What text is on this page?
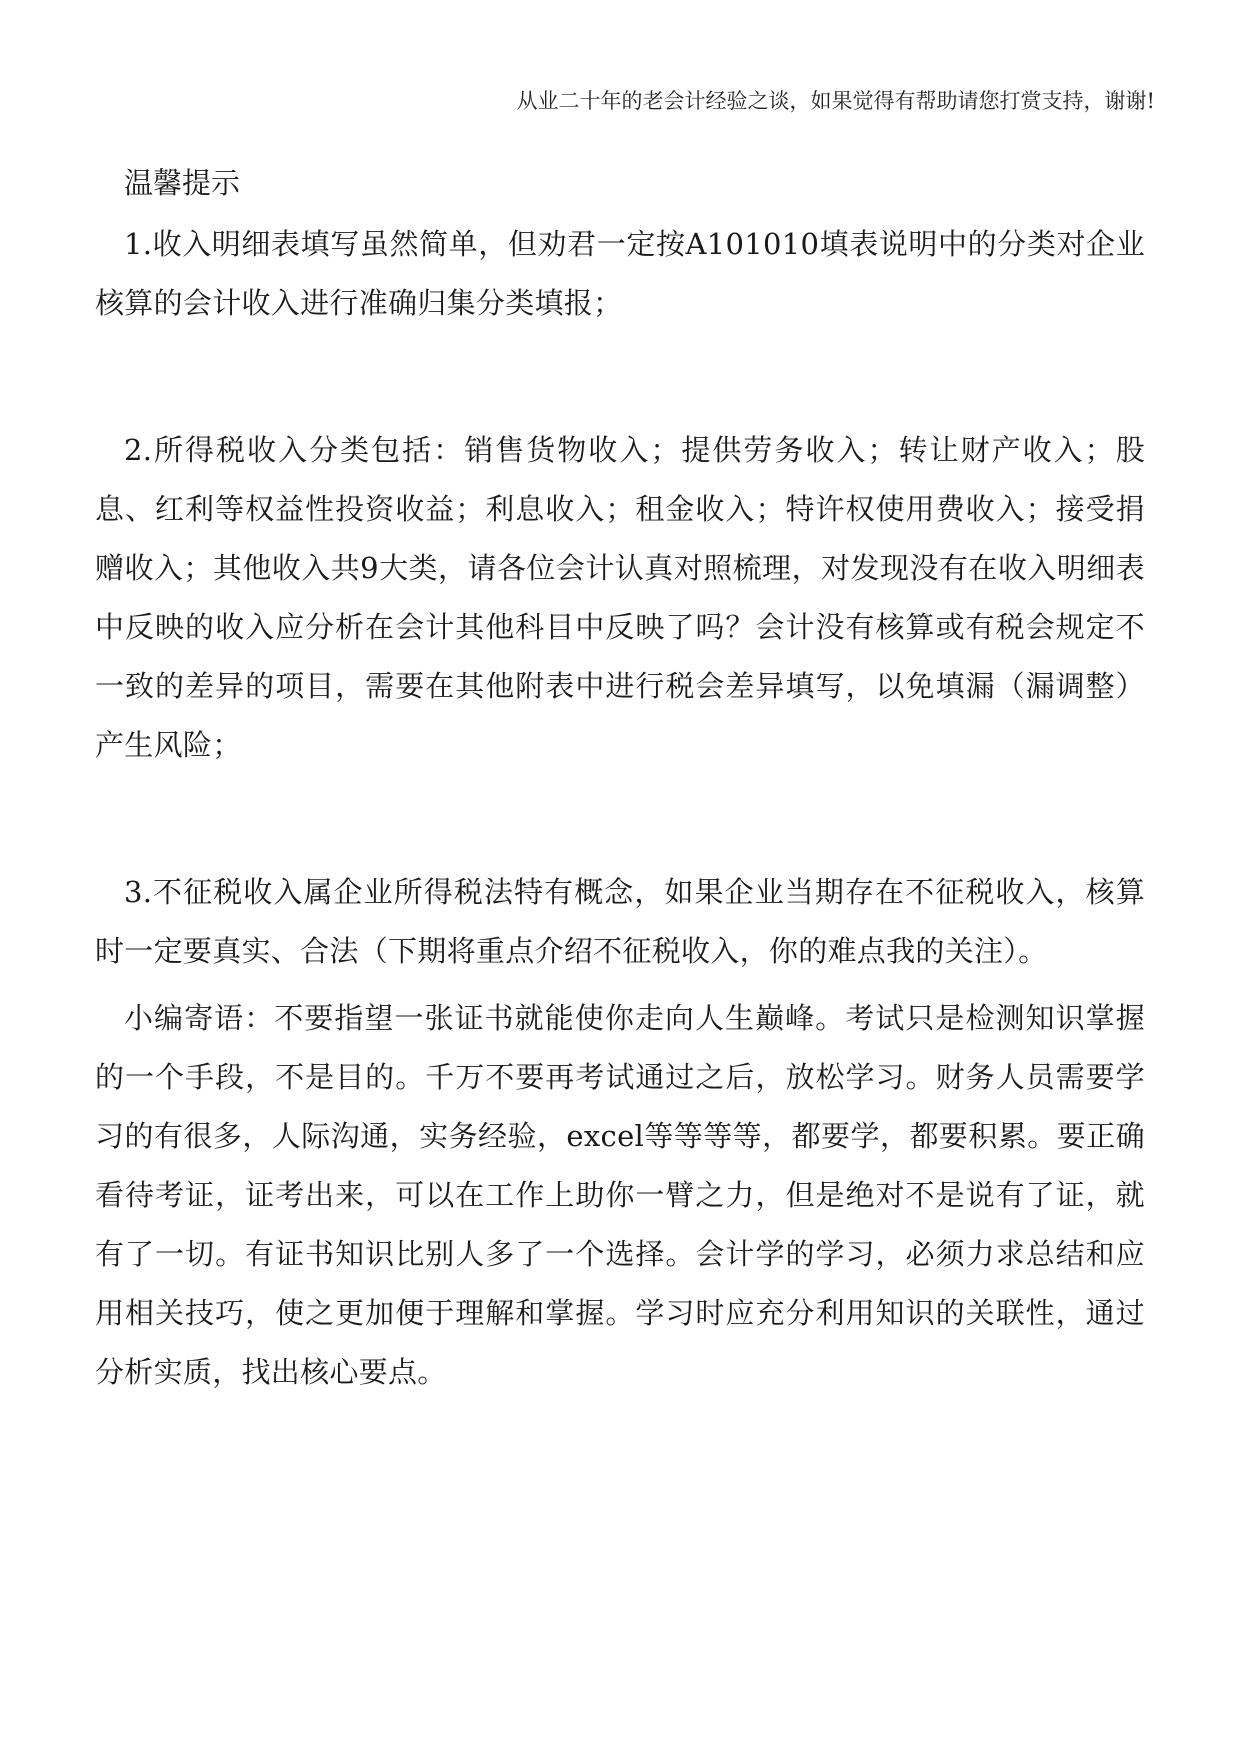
从业二十年的老会计经验之谈，如果觉得有帮助请您打赏支持，谢谢!
温馨提示

1.收入明细表填写虽然简单，但劝君一定按A101010填表说明中的分类对企业核算的会计收入进行准确归集分类填报；

2.所得税收入分类包括：销售货物收入；提供劳务收入；转让财产收入；股息、红利等权益性投资收益；利息收入；租金收入；特许权使用费收入；接受捐赠收入；其他收入共9大类，请各位会计认真对照梳理，对发现没有在收入明细表中反映的收入应分析在会计其他科目中反映了吗？会计没有核算或有税会规定不一致的差异的项目，需要在其他附表中进行税会差异填写，以免填漏（漏调整）产生风险；

3.不征税收入属企业所得税法特有概念，如果企业当期存在不征税收入，核算时一定要真实、合法（下期将重点介绍不征税收入，你的难点我的关注）。

小编寄语：不要指望一张证书就能使你走向人生巅峰。考试只是检测知识掌握的一个手段，不是目的。千万不要再考试通过之后，放松学习。财务人员需要学习的有很多，人际沟通，实务经验，excel等等等等，都要学，都要积累。要正确看待考证，证考出来，可以在工作上助你一臂之力，但是绝对不是说有了证，就有了一切。有证书知识比别人多了一个选择。会计学的学习，必须力求总结和应用相关技巧，使之更加便于理解和掌握。学习时应充分利用知识的关联性，通过分析实质，找出核心要点。
